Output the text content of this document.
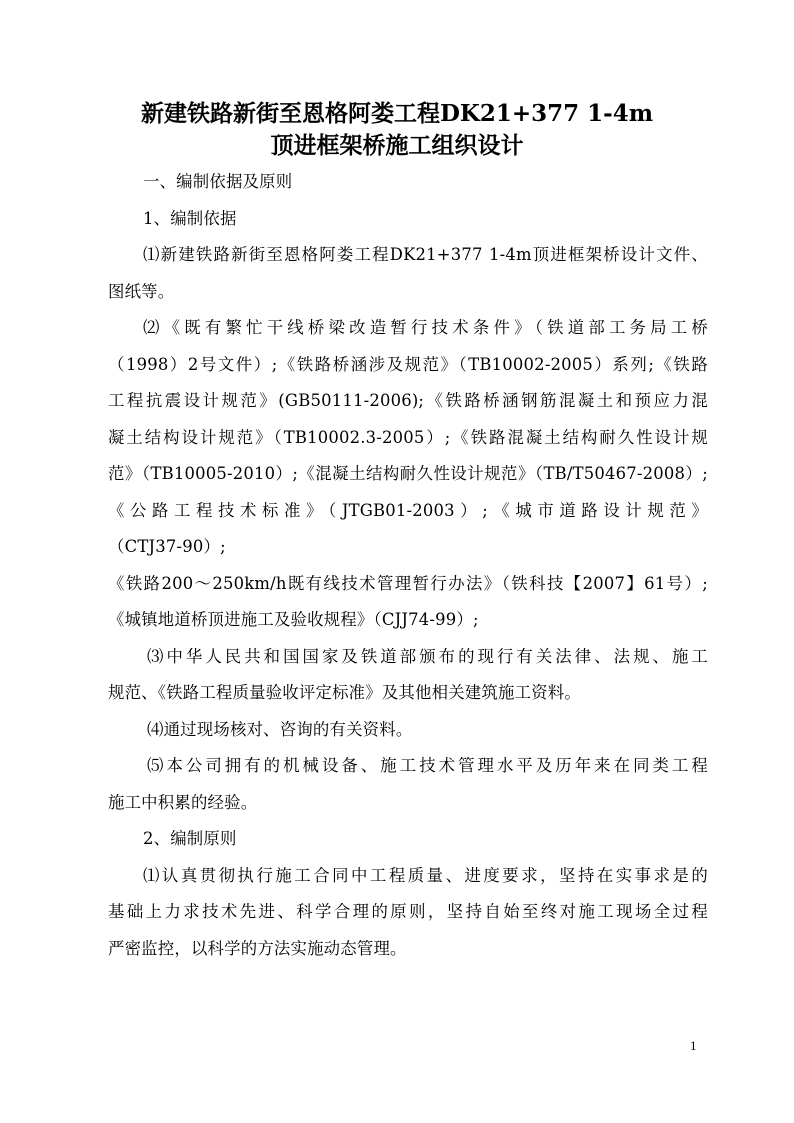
新建铁路新街至恩格阿娄工程DK21+377 1-4m
顶进框架桥施工组织设计
一、编制依据及原则
1、编制依据
⑴新建铁路新街至恩格阿娄工程DK21+377 1-4m顶进框架桥设计文件、
图纸等。
⑵《既有繁忙干线桥梁改造暂行技术条件》（铁道部工务局工桥
（1998）2号文件）;《铁路桥涵涉及规范》（TB10002-2005）系列;《铁路
工程抗震设计规范》(GB50111-2006);《铁路桥涵钢筋混凝土和预应力混
凝土结构设计规范》（TB10002.3-2005）;《铁路混凝土结构耐久性设计规
范》（TB10005-2010）;《混凝土结构耐久性设计规范》（TB/T50467-2008）;
《公路工程技术标准》（JTGB01-2003）;《城市道路设计规范》
（CTJ37-90）;
《铁路200～250km/h既有线技术管理暂行办法》（铁科技【2007】61号）;
《城镇地道桥顶进施工及验收规程》（CJJ74-99）;
⑶中华人民共和国国家及铁道部颁布的现行有关法律、法规、施工
规范、《铁路工程质量验收评定标准》及其他相关建筑施工资料。
⑷通过现场核对、咨询的有关资料。
⑸本公司拥有的机械设备、施工技术管理水平及历年来在同类工程
施工中积累的经验。
2、编制原则
⑴认真贯彻执行施工合同中工程质量、进度要求，坚持在实事求是的
基础上力求技术先进、科学合理的原则，坚持自始至终对施工现场全过程
严密监控，以科学的方法实施动态管理。
1
